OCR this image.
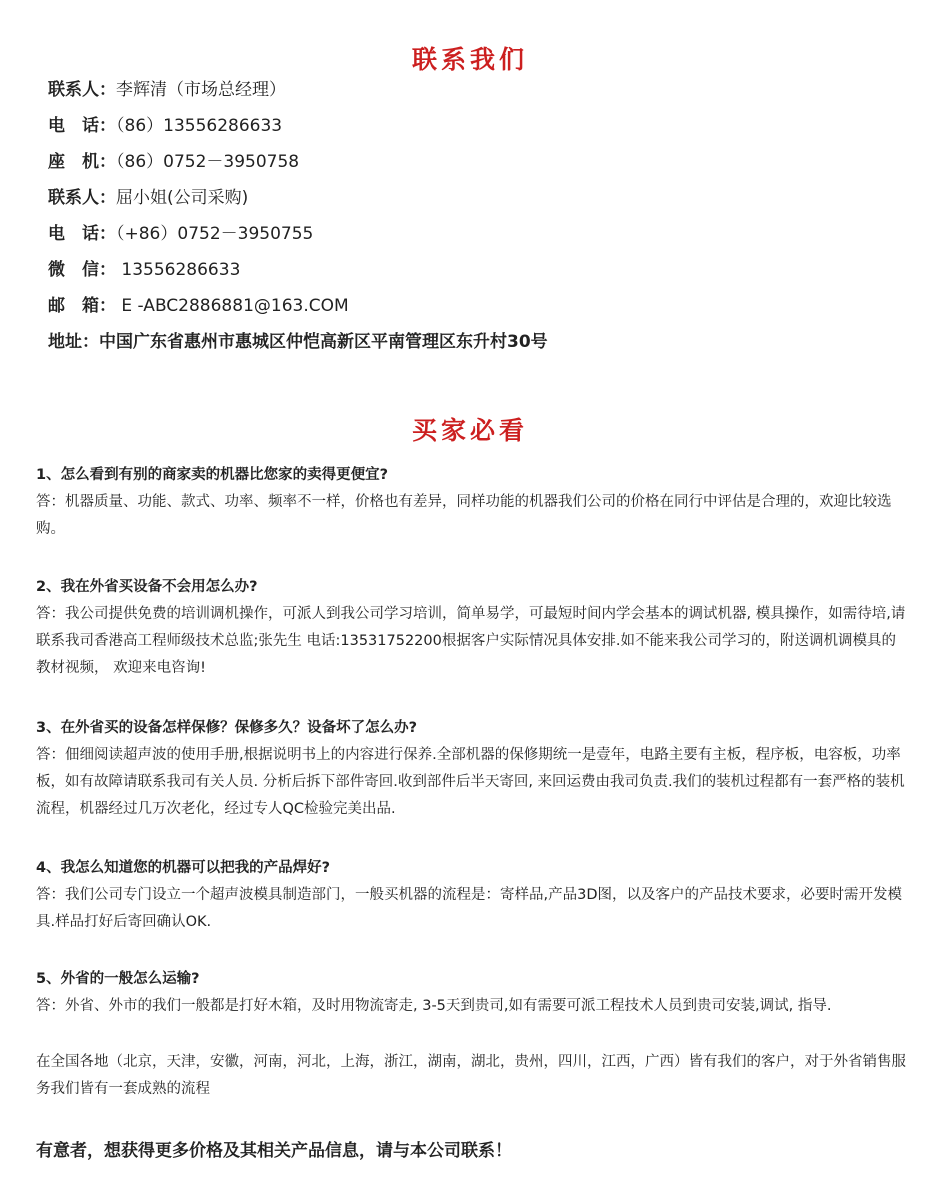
联系我们
联系人：李辉清（市场总经理）
电　话：（86）13556286633
座　机：（86）0752－3950758
联系人：屈小姐(公司采购)
电　话：（+86）0752－3950755
微　信： 13556286633
邮　箱： E -ABC2886881@163.COM
地址：中国广东省惠州市惠城区仲恺高新区平南管理区东升村30号
买家必看

1、怎么看到有别的商家卖的机器比您家的卖得更便宜?

答：机器质量、功能、款式、功率、频率不一样，价格也有差异，同样功能的机器我们公司的价格在同行中评估是合理的，欢迎比较选购。

2、我在外省买设备不会用怎么办?

答：我公司提供免费的培训调机操作，可派人到我公司学习培训，简单易学，可最短时间内学会基本的调试机器, 模具操作，如需待培,请联系我司香港高工程师级技术总监;张先生 电话:13531752200根据客户实际情况具体安排.如不能来我公司学习的，附送调机调模具的教材视频， 欢迎来电咨询!

3、在外省买的设备怎样保修？保修多久？设备坏了怎么办?

答：佃细阅读超声波的使用手册,根据说明书上的内容进行保养.全部机器的保修期统一是壹年，电路主要有主板，程序板，电容板，功率板，如有故障请联系我司有关人员. 分析后拆下部件寄回.收到部件后半天寄回, 来回运费由我司负责.我们的装机过程都有一套严格的装机流程，机器经过几万次老化，经过专人QC检验完美出品.

4、我怎么知道您的机器可以把我的产品焊好?

答：我们公司专门设立一个超声波模具制造部门，一般买机器的流程是：寄样品,产品3D图，以及客户的产品技术要求，必要时需开发模具.样品打好后寄回确认OK.

5、外省的一般怎么运输?

答：外省、外市的我们一般都是打好木箱，及时用物流寄走, 3-5天到贵司,如有需要可派工程技术人员到贵司安装,调试, 指导.

在全国各地（北京，天津，安徽，河南，河北，上海，浙江，湖南，湖北，贵州，四川，江西，广西）皆有我们的客户，对于外省销售服务我们皆有一套成熟的流程

有意者，想获得更多价格及其相关产品信息，请与本公司联系！
